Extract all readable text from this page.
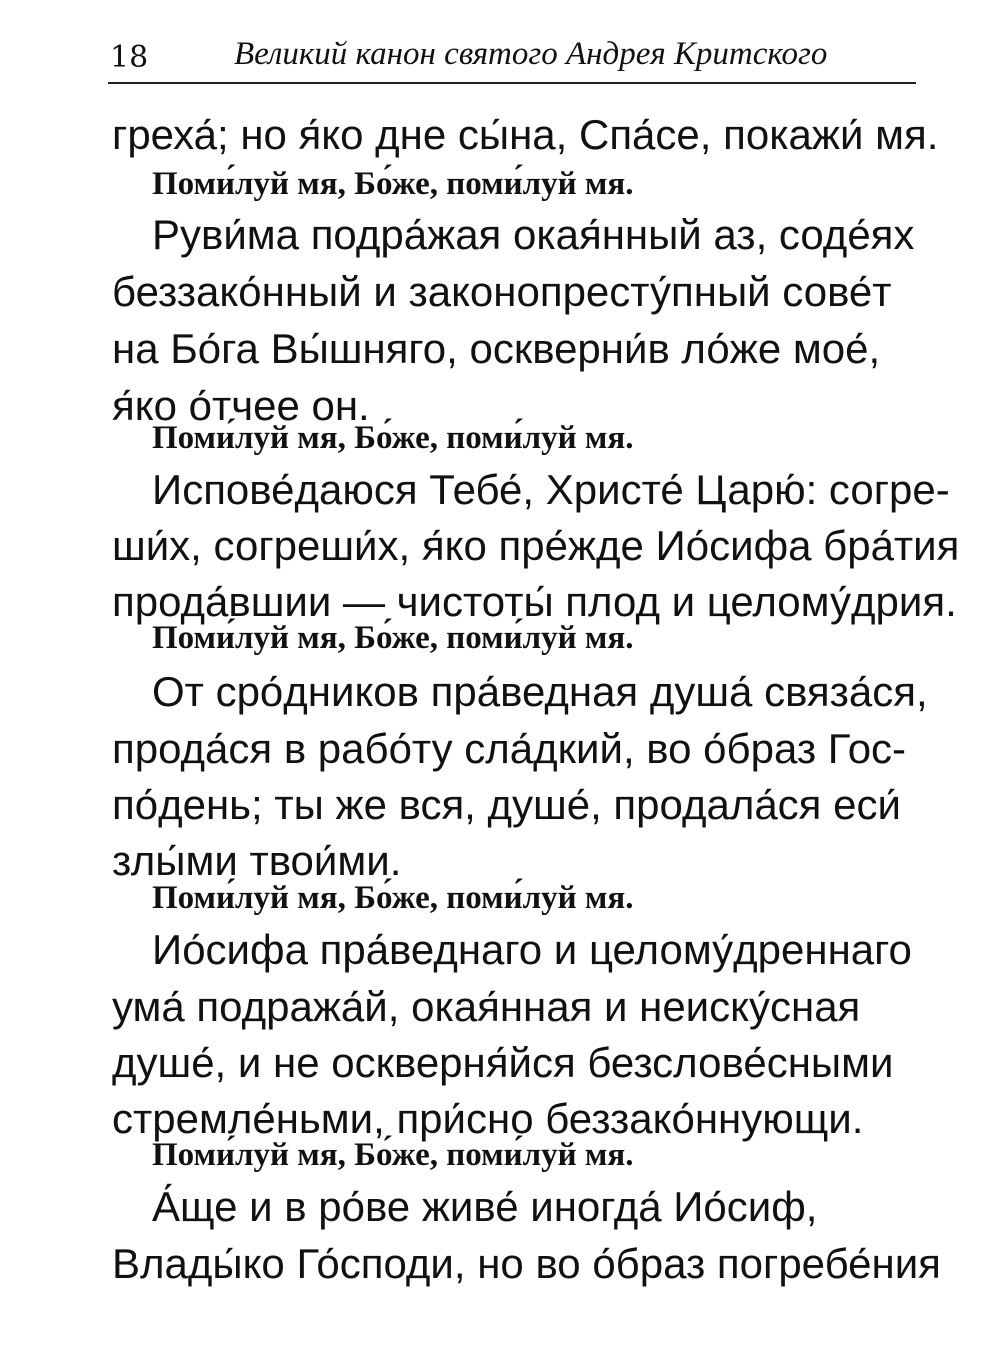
18	Великий канон святого Андрея Критского
греха́; но я́ко дне сы́на, Спа́се, покажи́ мя.
Поми́луй мя, Бо́же, поми́луй мя.
Руви́ма подра́жая окая́нный аз, соде́ях
беззако́нный и законопресту́пный сове́т
на Бо́га Вы́шняго, оскверни́в ло́же мое́,
я́ко о́тчее он.
Поми́луй мя, Бо́же, поми́луй мя.
Испове́даюся Тебе́, Христе́ Царю́: согре-
ши́х, согреши́х, я́ко пре́жде Ио́сифа бра́тия
прода́вшии — чистоты́ плод и целому́дрия.
Поми́луй мя, Бо́же, поми́луй мя.
От сро́дников пра́ведная душа́ связа́ся,
прода́ся в рабо́ту сла́дкий, во о́браз Гос-
по́день; ты же вся, душе́, продала́ся еси́
злы́ми твои́ми.
Поми́луй мя, Бо́же, поми́луй мя.
Ио́сифа пра́веднаго и целому́дреннаго
ума́ подража́й, окая́нная и неиску́сная
душе́, и не оскверня́йся безслове́сными
стремле́ньми, при́сно беззако́ннующи.
Поми́луй мя, Бо́же, поми́луй мя.
А́ще и в ро́ве живе́ иногда́ Ио́сиф,
Влады́ко Го́споди, но во о́браз погребе́ния
